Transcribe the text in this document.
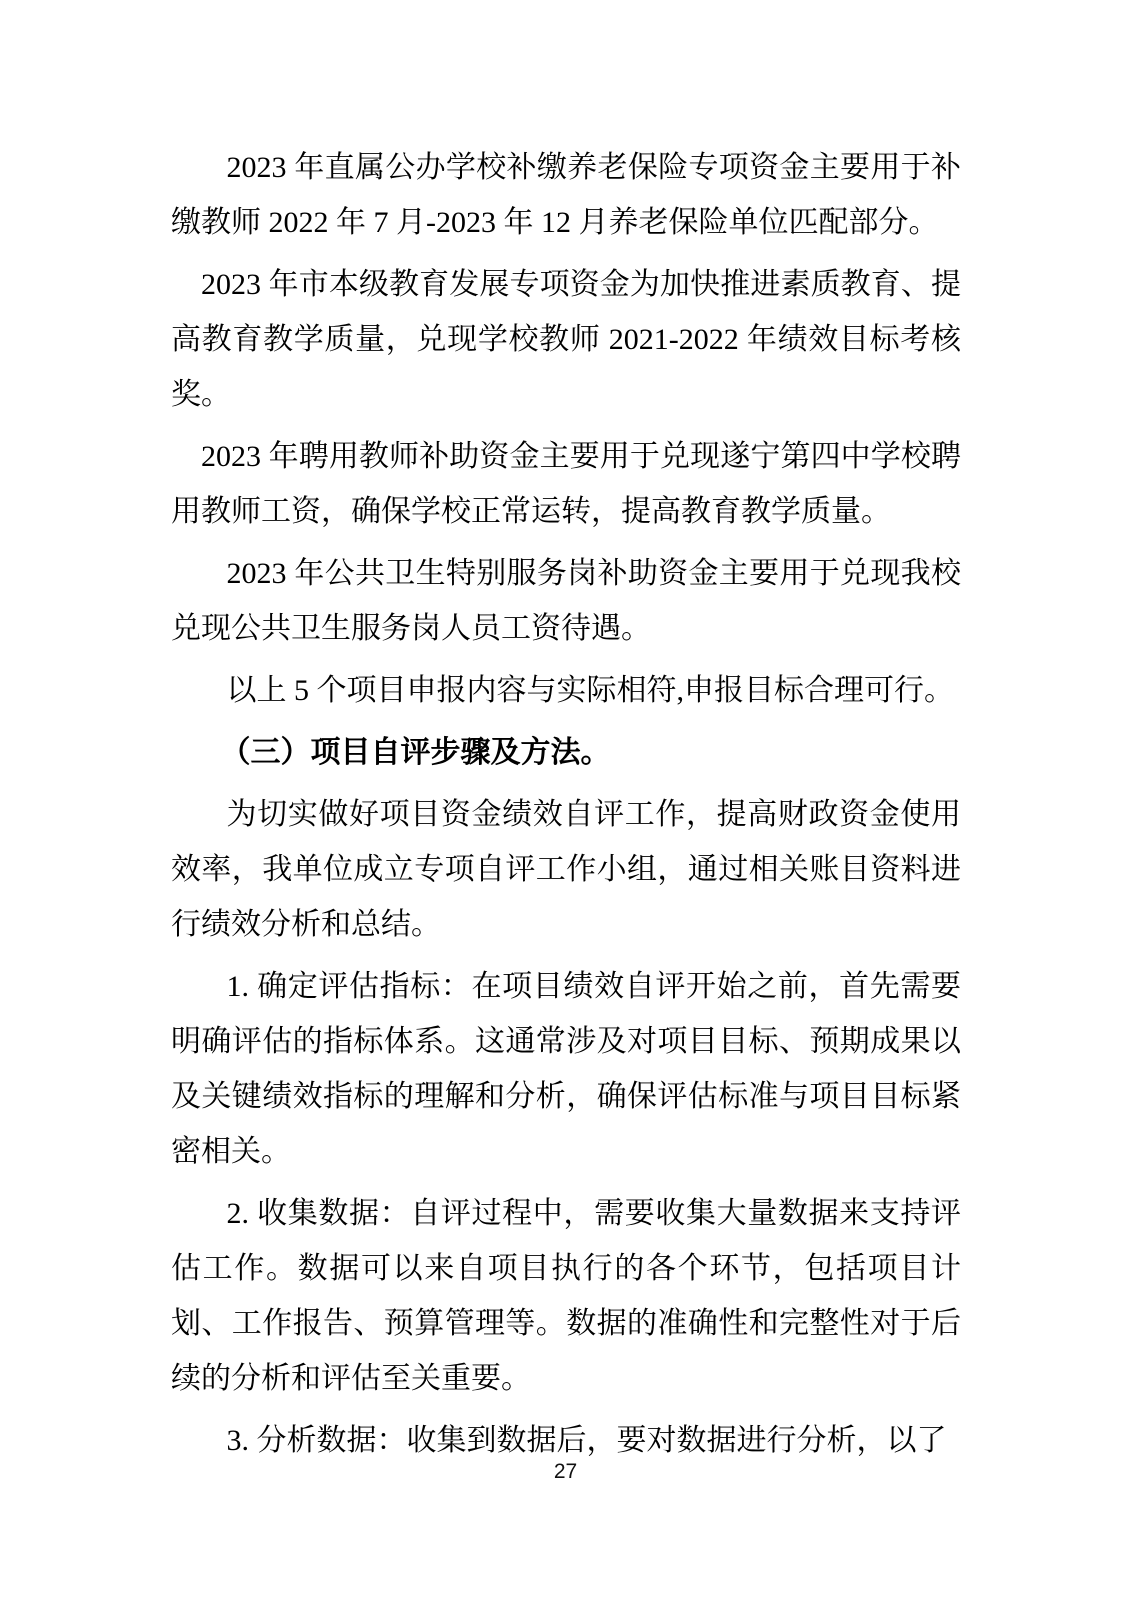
2023 年直属公办学校补缴养老保险专项资金主要用于补缴教师 2022 年 7 月-2023 年 12 月养老保险单位匹配部分。

2023 年市本级教育发展专项资金为加快推进素质教育、提高教育教学质量，兑现学校教师 2021-2022 年绩效目标考核奖。

2023 年聘用教师补助资金主要用于兑现遂宁第四中学校聘用教师工资，确保学校正常运转，提高教育教学质量。

2023 年公共卫生特别服务岗补助资金主要用于兑现我校兑现公共卫生服务岗人员工资待遇。

以上 5 个项目申报内容与实际相符,申报目标合理可行。

（三）项目自评步骤及方法。

为切实做好项目资金绩效自评工作，提高财政资金使用效率，我单位成立专项自评工作小组，通过相关账目资料进行绩效分析和总结。

1. 确定评估指标：在项目绩效自评开始之前，首先需要明确评估的指标体系。这通常涉及对项目目标、预期成果以及关键绩效指标的理解和分析，确保评估标准与项目目标紧密相关。

2. 收集数据：自评过程中，需要收集大量数据来支持评估工作。数据可以来自项目执行的各个环节，包括项目计划、工作报告、预算管理等。数据的准确性和完整性对于后续的分析和评估至关重要。

3. 分析数据：收集到数据后，要对数据进行分析，以了

27
